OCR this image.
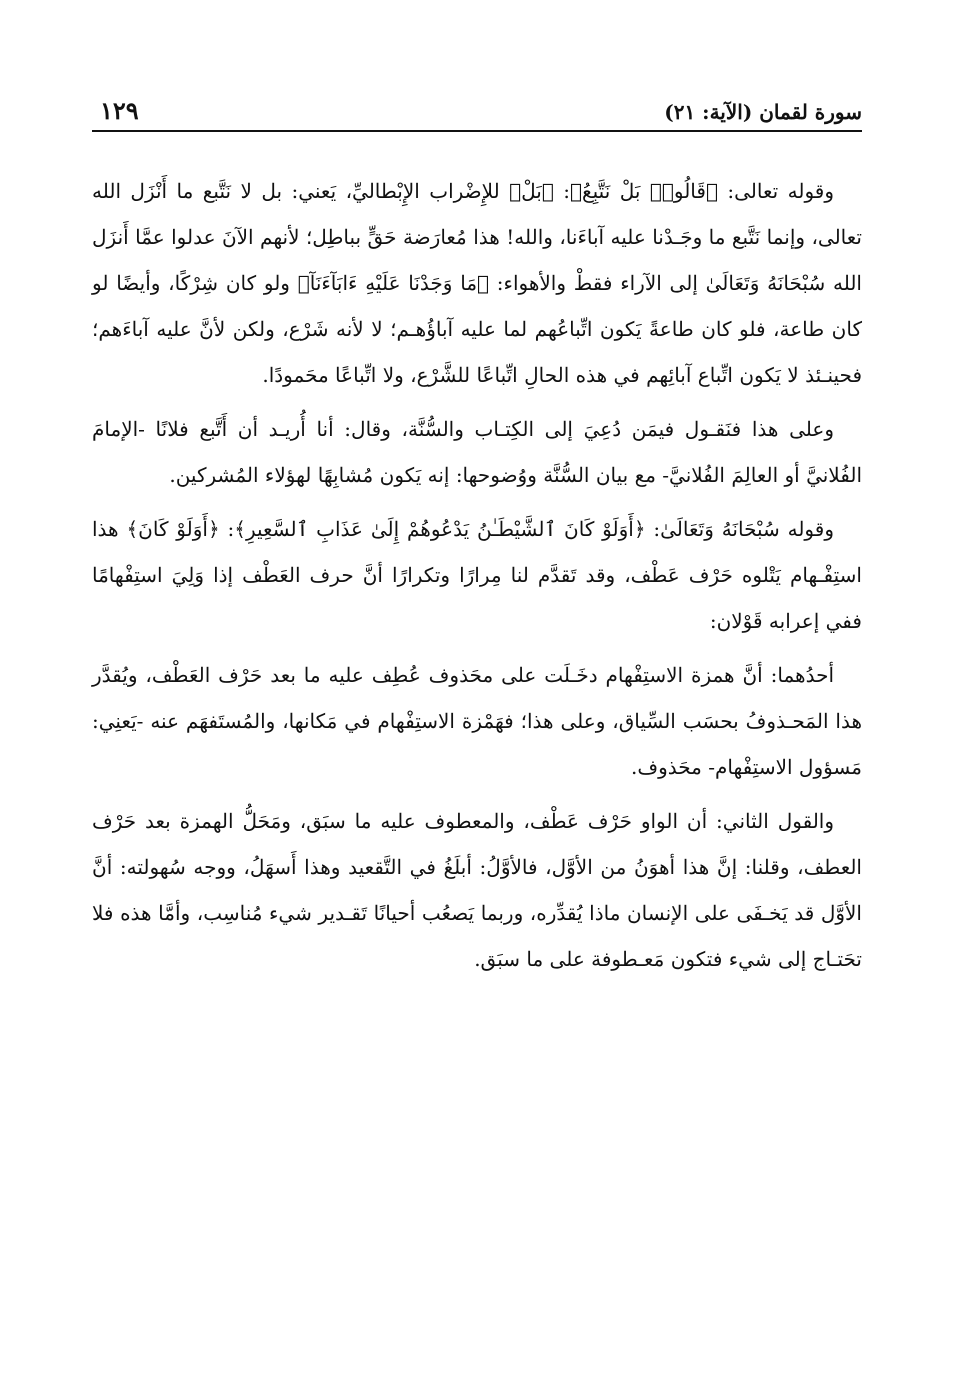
١٢٩	سورة لقمان (الآية: ٢١)

وقوله تعالى: ﴿قَالُوا۟ بَلْ نَتَّبِعُ﴾: ﴿بَلْ﴾ للإِضْراب الإِبْطاليِّ، يَعني: بل لا نَتَّبع ما أَنْزَل الله تعالى، وإنما نَتَّبع ما وجَـدْنا عليه آباءَنا، والله! هذا مُعارَضة حَقٍّ بباطِل؛ لأنهم الآنَ عدلوا عمَّا أَنزَل الله سُبْحَانَهُ وَتَعَالَىٰ إلى الآراء فقطْ والأهواء: ﴿مَا وَجَدْنَا عَلَيْهِ ءَابَآءَنَآ﴾ ولو كان شِرْكًا، وأيضًا لو كان طاعة، فلو كان طاعةً يَكون اتِّباعُهم لما عليه آباؤُهـم؛ لا لأنه شَرْع، ولكن لأنَّ عليه آباءَهم؛ فحينـئذ لا يَكون اتِّباع آبائِهم في هذه الحالِ اتِّباعًا للشَّرْع، ولا اتِّباعًا محَمودًا.

وعلى هذا فنَقـول فيمَن دُعِيَ إلى الكِتـاب والسُّنَّة، وقال: أنا أُريـد أن أَتَّبع فلانًا -الإمامَ الفُلانيَّ أو العالِمَ الفُلانيَّ- مع بيان السُّنَّة ووُضوحها: إنه يَكون مُشابِهًا لهؤلاء المُشركين.

وقوله سُبْحَانَهُ وَتَعَالَىٰ: ﴿أَوَلَوْ كَانَ ٱلشَّيْطَـٰنُ يَدْعُوهُمْ إِلَىٰ عَذَابِ ٱلسَّعِيرِ﴾: ﴿أَوَلَوْ كَانَ﴾ هذا استِفْـهام يَتْلوه حَرْف عَطْف، وقد تَقدَّم لنا مِرارًا وتكرارًا أنَّ حرف العَطْف إذا وَلِيَ استِفْهامًا ففي إعرابه قَوْلان:

أحدُهما: أنَّ همزة الاستِفْهام دخَـلَت على محَذوف عُطِف عليه ما بعد حَرْف العَطْف، ويُقدَّر هذا المَحـذوفُ بحسَب السِّياق، وعلى هذا؛ فهَمْزة الاستِفْهام في مَكانها، والمُستَفهَم عنه -يَعنِي: مَسؤول الاستِفْهام- محَذوف.

والقول الثاني: أن الواو حَرْف عَطْف، والمعطوف عليه ما سبَق، ومَحَلُّ الهمزة بعد حَرْف العطف، وقلنا: إنَّ هذا أهوَنُ من الأوَّل، فالأوَّلُ: أبلَغُ في التَّقعيد وهذا أَسهَلُ، ووجه سُهولته: أنَّ الأوَّل قد يَخـفَى على الإنسان ماذا يُقدِّره، وربما يَصعُب أحيانًا تَقـدير شيء مُناسِب، وأمَّا هذه فلا تحَتـاج إلى شيء فتكون مَعـطوفة على ما سبَق.
